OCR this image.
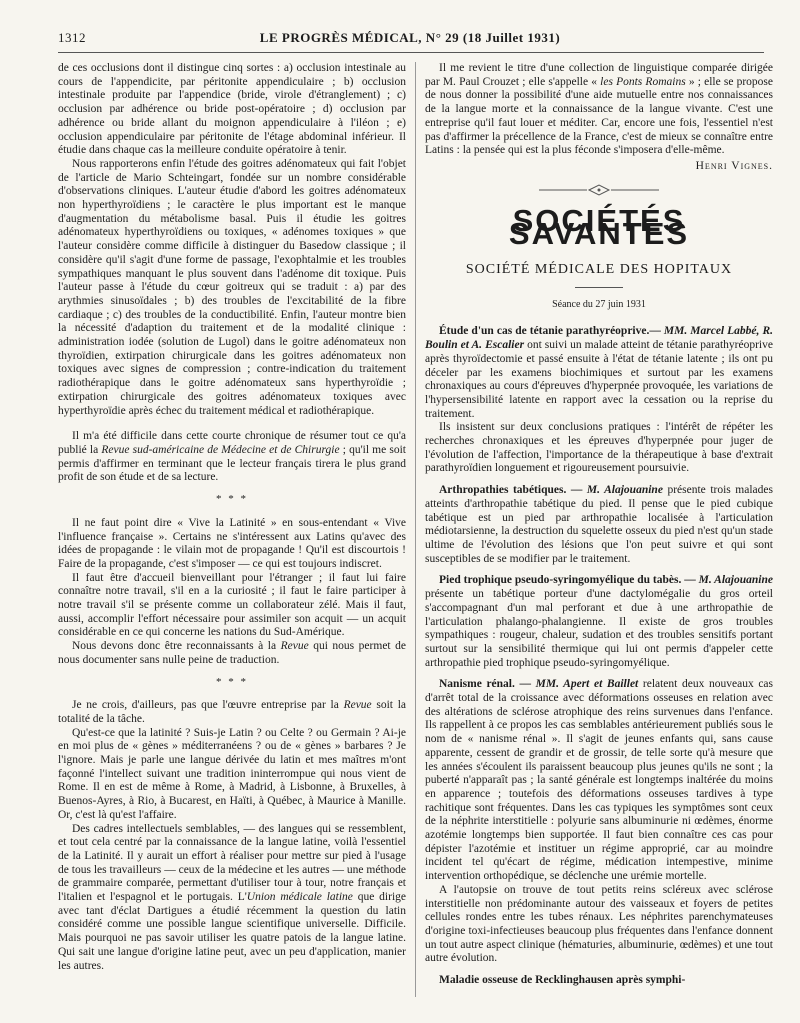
1312	LE PROGRÈS MÉDICAL, N° 29 (18 Juillet 1931)

de ces occlusions dont il distingue cinq sortes : a) occlusion intestinale au cours de l'appendicite, par péritonite appendiculaire ; b) occlusion intestinale produite par l'appendice (bride, virole d'étranglement) ; c) occlusion par adhérence ou bride post-opératoire ; d) occlusion par adhérence ou bride allant du moignon appendiculaire à l'iléon ; e) occlusion appendiculaire par péritonite de l'étage abdominal inférieur. Il étudie dans chaque cas la meilleure conduite opératoire à tenir.

Nous rapporterons enfin l'étude des goitres adénomateux qui fait l'objet de l'article de Mario Schteingart, fondée sur un nombre considérable d'observations cliniques. L'auteur étudie d'abord les goitres adénomateux non hyperthyroïdiens ; le caractère le plus important est le manque d'augmentation du métabolisme basal. Puis il étudie les goitres adénomateux hyperthyroïdiens ou toxiques, « adénomes toxiques » que l'auteur considère comme difficile à distinguer du Basedow classique ; il considère qu'il s'agit d'une forme de passage, l'exophtalmie et les troubles sympathiques manquant le plus souvent dans l'adénome dit toxique. Puis l'auteur passe à l'étude du cœur goitreux qui se traduit : a) par des arythmies sinusoïdales ; b) des troubles de l'excitabilité de la fibre cardiaque ; c) des troubles de la conductibilité. Enfin, l'auteur montre bien la nécessité d'adaption du traitement et de la modalité clinique : administration iodée (solution de Lugol) dans le goitre adénomateux non thyroïdien, extirpation chirurgicale dans les goitres adénomateux non toxiques avec signes de compression ; contre-indication du traitement radiothérapique dans le goitre adénomateux sans hyperthyroïdie ; extirpation chirurgicale des goitres adénomateux toxiques avec hyperthyroïdie après échec du traitement médical et radiothérapique.

Il m'a été difficile dans cette courte chronique de résumer tout ce qu'a publié la Revue sud-américaine de Médecine et de Chirurgie ; qu'il me soit permis d'affirmer en terminant que le lecteur français tirera le plus grand profit de son étude et de sa lecture.

* * *

Il ne faut point dire « Vive la Latinité » en sous-entendant « Vive l'influence française ». Certains ne s'intéressent aux Latins qu'avec des idées de propagande : le vilain mot de propagande ! Qu'il est discourtois ! Faire de la propagande, c'est s'imposer — ce qui est toujours indiscret.

Il faut être d'accueil bienveillant pour l'étranger ; il faut lui faire connaître notre travail, s'il en a la curiosité ; il faut le faire participer à notre travail s'il se présente comme un collaborateur zélé. Mais il faut, aussi, accomplir l'effort nécessaire pour assimiler son acquit — un acquit considérable en ce qui concerne les nations du Sud-Amérique.

Nous devons donc être reconnaissants à la Revue qui nous permet de nous documenter sans nulle peine de traduction.

* * *

Je ne crois, d'ailleurs, pas que l'œuvre entreprise par la Revue soit la totalité de la tâche.

Qu'est-ce que la latinité ? Suis-je Latin ? ou Celte ? ou Germain ? Ai-je en moi plus de « gènes » méditerranéens ? ou de « gènes » barbares ? Je l'ignore. Mais je parle une langue dérivée du latin et mes maîtres m'ont façonné l'intellect suivant une tradition ininterrompue qui nous vient de Rome. Il en est de même à Rome, à Madrid, à Lisbonne, à Bruxelles, à Buenos-Ayres, à Rio, à Bucarest, en Haïti, à Québec, à Maurice à Manille. Or, c'est là qu'est l'affaire.

Des cadres intellectuels semblables, — des langues qui se ressemblent, et tout cela centré par la connaissance de la langue latine, voilà l'essentiel de la Latinité. Il y aurait un effort à réaliser pour mettre sur pied à l'usage de tous les travailleurs — ceux de la médecine et les autres — une méthode de grammaire comparée, permettant d'utiliser tour à tour, notre français et l'italien et l'espagnol et le portugais. L'Union médicale latine que dirige avec tant d'éclat Dartigues a étudié récemment la question du latin considéré comme une possible langue scientifique universelle. Difficile. Mais pourquoi ne pas savoir utiliser les quatre patois de la langue latine. Qui sait une langue d'origine latine peut, avec un peu d'application, manier les autres.

Il me revient le titre d'une collection de linguistique comparée dirigée par M. Paul Crouzet ; elle s'appelle « les Ponts Romains » ; elle se propose de nous donner la possibilité d'une aide mutuelle entre nos connaissances de la langue morte et la connaissance de la langue vivante. C'est une entreprise qu'il faut louer et méditer. Car, encore une fois, l'essentiel n'est pas d'affirmer la précellence de la France, c'est de mieux se connaître entre Latins : la pensée qui est la plus féconde s'imposera d'elle-même.

Henri Vignes.
SOCIÉTÉS SAVANTES
SOCIÉTÉ MÉDICALE DES HOPITAUX
Séance du 27 juin 1931

Étude d'un cas de tétanie parathyréoprive.— MM. Marcel Labbé, R. Boulin et A. Escalier ont suivi un malade atteint de tétanie parathyréoprive après thyroïdectomie et passé ensuite à l'état de tétanie latente ; ils ont pu déceler par les examens biochimiques et surtout par les examens chronaxiques au cours d'épreuves d'hyperpnée provoquée, les variations de l'hypersensibilité latente en rapport avec la cessation ou la reprise du traitement.

Ils insistent sur deux conclusions pratiques : l'intérêt de répéter les recherches chronaxiques et les épreuves d'hyperpnée pour juger de l'évolution de l'affection, l'importance de la thérapeutique à base d'extrait parathyroïdien longuement et rigoureusement poursuivie.

Arthropathies tabétiques. — M. Alajouanine présente trois malades atteints d'arthropathie tabétique du pied. Il pense que le pied cubique tabétique est un pied par arthropathie localisée à l'articulation médiotarsienne, la destruction du squelette osseux du pied n'est qu'un stade ultime de l'évolution des lésions que l'on peut suivre et qui sont susceptibles de se modifier par le traitement.

Pied trophique pseudo-syringomyélique du tabès. — M. Alajouanine présente un tabétique porteur d'une dactylomégalie du gros orteil s'accompagnant d'un mal perforant et due à une arthropathie de l'articulation phalango-phalangienne. Il existe de gros troubles sympathiques : rougeur, chaleur, sudation et des troubles sensitifs portant surtout sur la sensibilité thermique qui lui ont permis d'appeler cette arthropathie pied trophique pseudo-syringomyélique.

Nanisme rénal. — MM. Apert et Baillet relatent deux nouveaux cas d'arrêt total de la croissance avec déformations osseuses en relation avec des altérations de sclérose atrophique des reins survenues dans l'enfance. Ils rappellent à ce propos les cas semblables antérieurement publiés sous le nom de « nanisme rénal ». Il s'agit de jeunes enfants qui, sans cause apparente, cessent de grandir et de grossir, de telle sorte qu'à mesure que les années s'écoulent ils paraissent beaucoup plus jeunes qu'ils ne sont ; la puberté n'apparaît pas ; la santé générale est longtemps inaltérée du moins en apparence ; toutefois des déformations osseuses tardives à type rachitique sont fréquentes. Dans les cas typiques les symptômes sont ceux de la néphrite interstitielle : polyurie sans albuminurie ni œdèmes, énorme azotémie longtemps bien supportée. Il faut bien connaître ces cas pour dépister l'azotémie et instituer un régime approprié, car au moindre incident tel qu'écart de régime, médication intempestive, minime intervention orthopédique, se déclenche une urémie mortelle.

A l'autopsie on trouve de tout petits reins scléreux avec sclérose interstitielle non prédominante autour des vaisseaux et foyers de petites cellules rondes entre les tubes rénaux. Les néphrites parenchymateuses d'origine toxi-infectieuses beaucoup plus fréquentes dans l'enfance donnent un tout autre aspect clinique (hématuries, albuminurie, œdèmes) et une tout autre évolution.

Maladie osseuse de Recklinghausen après symphi-
